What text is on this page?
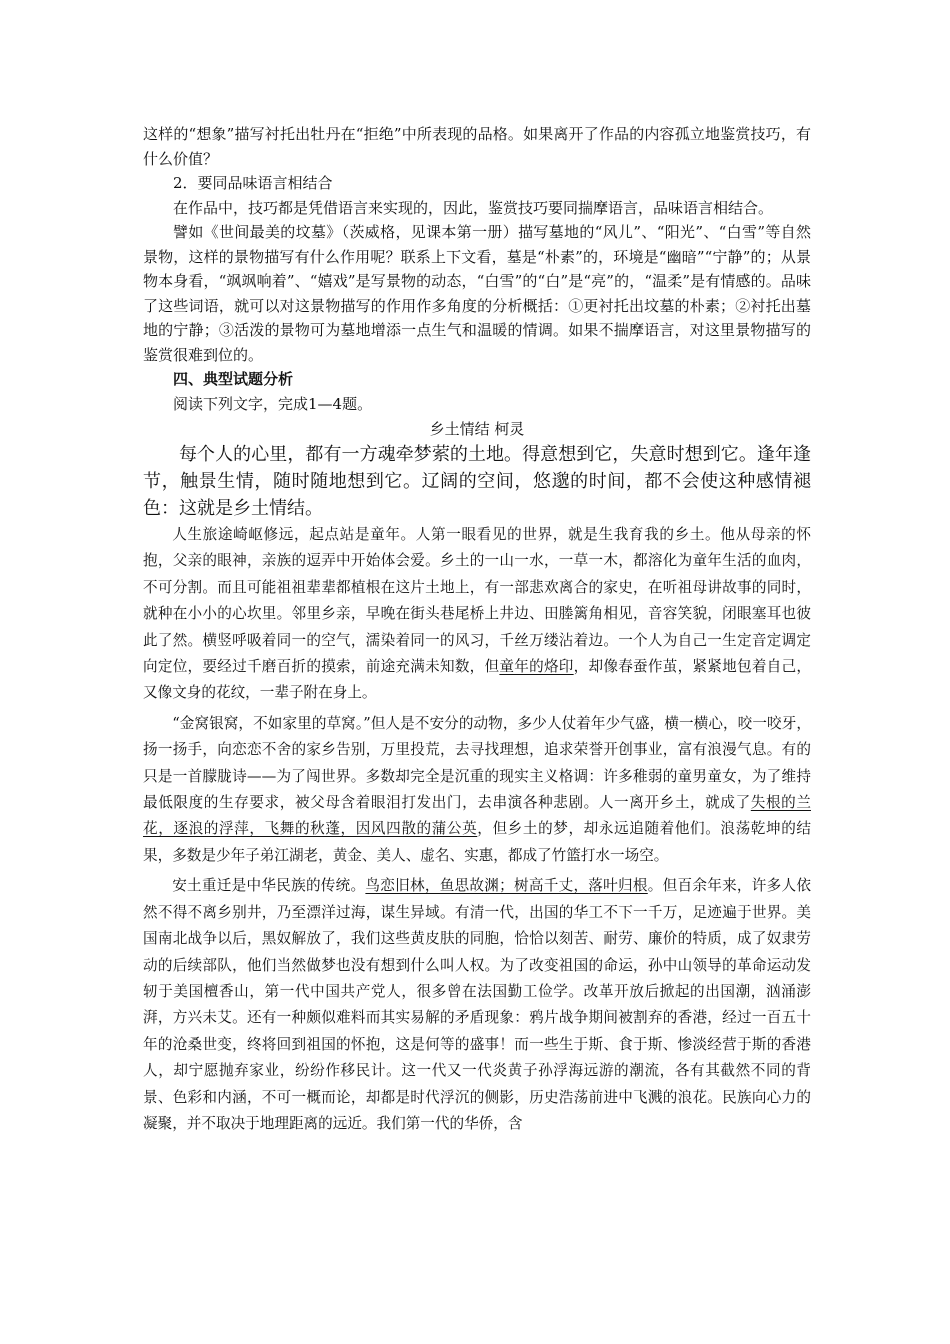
这样的“想象”描写衬托出牡丹在“拒绝”中所表现的品格。如果离开了作品的内容孤立地鉴赏技巧，有什么价值？

2．要同品味语言相结合

在作品中，技巧都是凭借语言来实现的，因此，鉴赏技巧要同揣摩语言，品味语言相结合。

譬如《世间最美的坟墓》（茨威格，见课本第一册）描写墓地的“风儿”、“阳光”、“白雪”等自然景物，这样的景物描写有什么作用呢？联系上下文看，墓是“朴素”的，环境是“幽暗”“宁静”的；从景物本身看，“飒飒响着”、“嬉戏”是写景物的动态，“白雪”的“白”是“亮”的，“温柔”是有情感的。品味了这些词语，就可以对这景物描写的作用作多角度的分析概括：①更衬托出坟墓的朴素；②衬托出墓地的宁静；③活泼的景物可为墓地增添一点生气和温暖的情调。如果不揣摩语言，对这里景物描写的鉴赏很难到位的。

四、典型试题分析

阅读下列文字，完成1—4题。

乡土情结 柯灵

每个人的心里，都有一方魂牵梦萦的土地。得意想到它，失意时想到它。逢年逢节，触景生情，随时随地想到它。辽阔的空间，悠邈的时间，都不会使这种感情褪色：这就是乡土情结。

人生旅途崎岖修远，起点站是童年。人第一眼看见的世界，就是生我育我的乡土。他从母亲的怀抱，父亲的眼神，亲族的逗弄中开始体会爱。乡土的一山一水，一草一木，都溶化为童年生活的血肉，不可分割。而且可能祖祖辈辈都植根在这片土地上，有一部悲欢离合的家史，在听祖母讲故事的同时，就种在小小的心坎里。邻里乡亲，早晚在街头巷尾桥上井边、田塍篱角相见，音容笑貌，闭眼塞耳也彼此了然。横竖呼吸着同一的空气，濡染着同一的风习，千丝万缕沾着边。一个人为自己一生定音定调定向定位，要经过千磨百折的摸索，前途充满未知数，但童年的烙印，却像春蚕作茧，紧紧地包着自己，又像文身的花纹，一辈子附在身上。

“金窝银窝，不如家里的草窝。”但人是不安分的动物，多少人仗着年少气盛，横一横心，咬一咬牙，扬一扬手，向恋恋不舍的家乡告别，万里投荒，去寻找理想，追求荣誉开创事业，富有浪漫气息。有的只是一首朦胧诗——为了闯世界。多数却完全是沉重的现实主义格调：许多稚弱的童男童女，为了维持最低限度的生存要求，被父母含着眼泪打发出门，去串演各种悲剧。人一离开乡土，就成了失根的兰花，逐浪的浮萍，飞舞的秋蓬，因风四散的蒲公英，但乡土的梦，却永远追随着他们。浪荡乾坤的结果，多数是少年子弟江湖老，黄金、美人、虚名、实惠，都成了竹篮打水一场空。

安土重迁是中华民族的传统。鸟恋旧林，鱼思故渊；树高千丈，落叶归根。但百余年来，许多人依然不得不离乡别井，乃至漂洋过海，谋生异域。有清一代，出国的华工不下一千万，足迹遍于世界。美国南北战争以后，黑奴解放了，我们这些黄皮肤的同胞，恰恰以刻苦、耐劳、廉价的特质，成了奴隶劳动的后续部队，他们当然做梦也没有想到什么叫人权。为了改变祖国的命运，孙中山领导的革命运动发轫于美国檀香山，第一代中国共产党人，很多曾在法国勤工俭学。改革开放后掀起的出国潮，汹涌澎湃，方兴未艾。还有一种颇似难料而其实易解的矛盾现象：鸦片战争期间被割弃的香港，经过一百五十年的沧桑世变，终将回到祖国的怀抱，这是何等的盛事！而一些生于斯、食于斯、惨淡经营于斯的香港人，却宁愿抛弃家业，纷纷作移民计。这一代又一代炎黄子孙浮海远游的潮流，各有其截然不同的背景、色彩和内涵，不可一概而论，却都是时代浮沉的侧影，历史浩荡前进中飞溅的浪花。民族向心力的凝聚，并不取决于地理距离的远近。我们第一代的华侨，含
